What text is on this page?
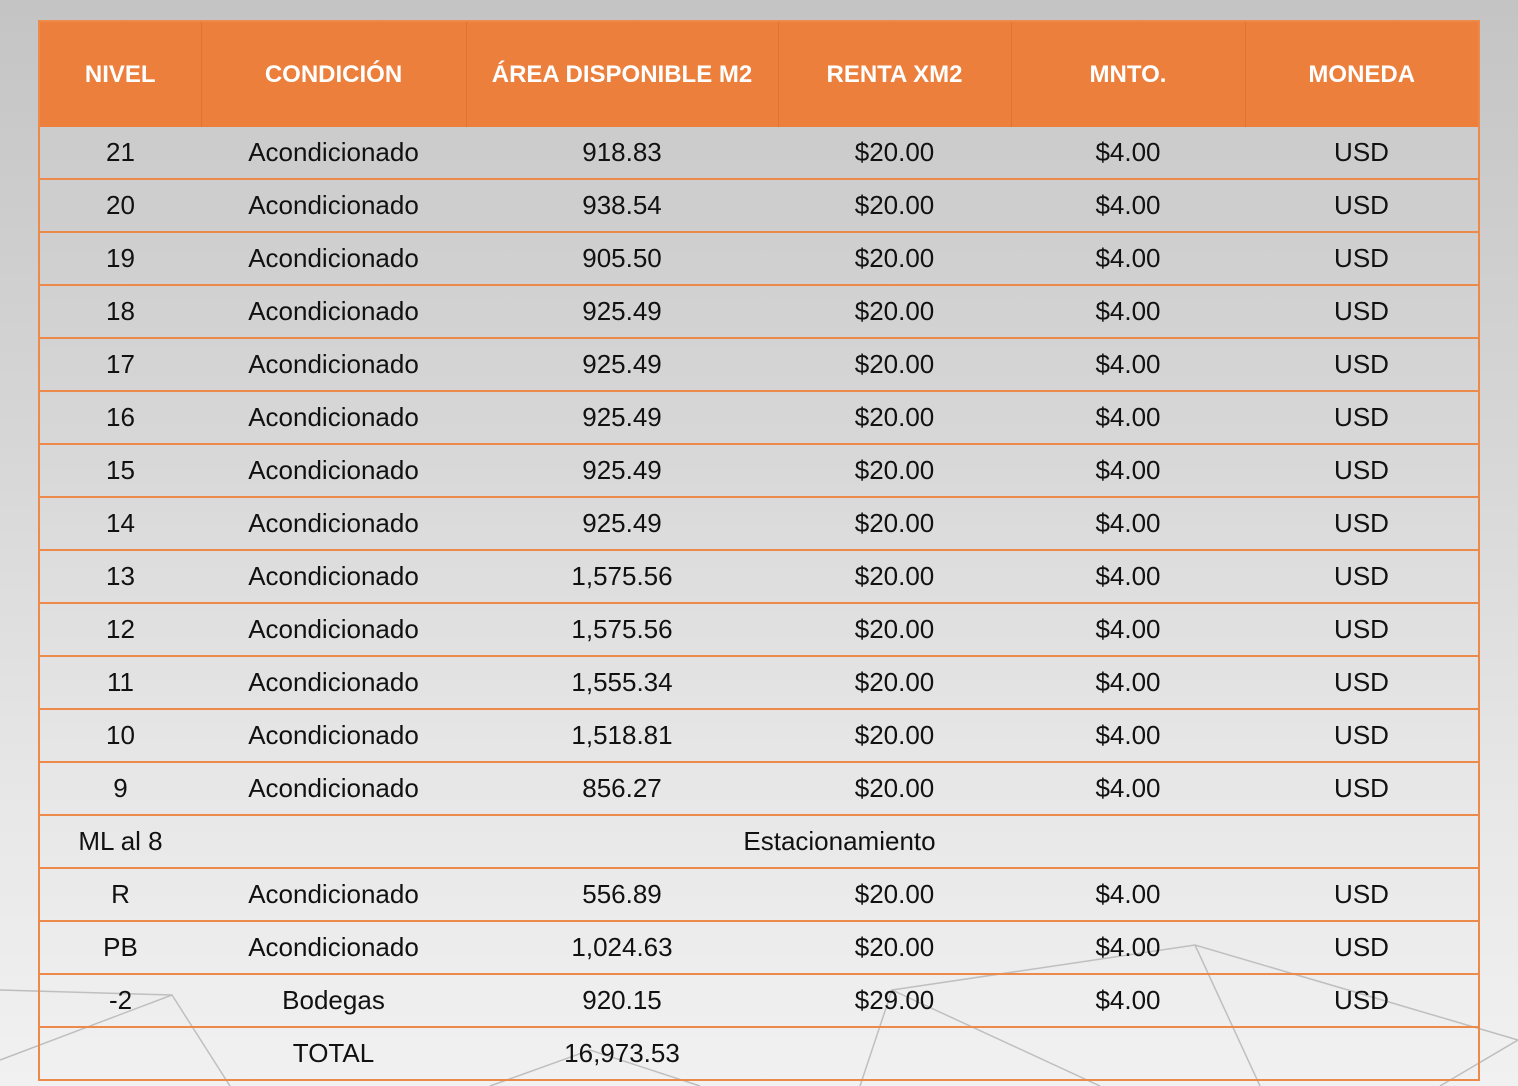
NIVEL	CONDICIÓN	ÁREA DISPONIBLE M2	RENTA XM2	MNTO.	MONEDA
21	Acondicionado	918.83	$20.00	$4.00	USD
20	Acondicionado	938.54	$20.00	$4.00	USD
19	Acondicionado	905.50	$20.00	$4.00	USD
18	Acondicionado	925.49	$20.00	$4.00	USD
17	Acondicionado	925.49	$20.00	$4.00	USD
16	Acondicionado	925.49	$20.00	$4.00	USD
15	Acondicionado	925.49	$20.00	$4.00	USD
14	Acondicionado	925.49	$20.00	$4.00	USD
13	Acondicionado	1,575.56	$20.00	$4.00	USD
12	Acondicionado	1,575.56	$20.00	$4.00	USD
11	Acondicionado	1,555.34	$20.00	$4.00	USD
10	Acondicionado	1,518.81	$20.00	$4.00	USD
9	Acondicionado	856.27	$20.00	$4.00	USD
ML al 8	Estacionamiento				
R	Acondicionado	556.89	$20.00	$4.00	USD
PB	Acondicionado	1,024.63	$20.00	$4.00	USD
-2	Bodegas	920.15	$29.00	$4.00	USD
	TOTAL	16,973.53			
